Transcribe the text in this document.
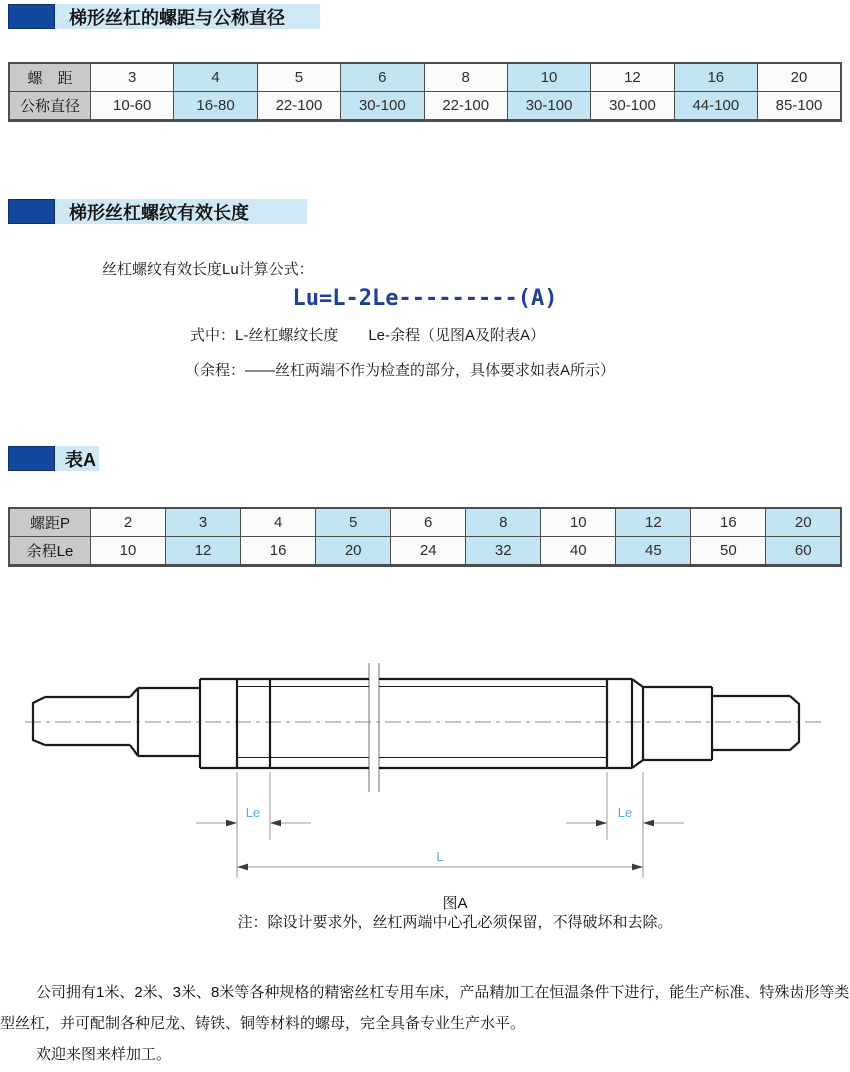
梯形丝杠的螺距与公称直径
螺　距	3	4	5	6	8	10	12	16	20
公称直径	10-60	16-80	22-100	30-100	22-100	30-100	30-100	44-100	85-100
梯形丝杠螺纹有效长度
丝杠螺纹有效长度Lu计算公式：
Lu=L-2Le---------(A)
式中：L-丝杠螺纹长度　　Le-余程（见图A及附表A）
（余程：——丝杠两端不作为检查的部分，具体要求如表A所示）
表A
螺距P	2	3	4	5	6	8	10	12	16	20
余程Le	10	12	16	20	24	32	40	45	50	60
Le	Le
L
图A
注：除设计要求外，丝杠两端中心孔必须保留，不得破坏和去除。

公司拥有1米、2米、3米、8米等各种规格的精密丝杠专用车床，产品精加工在恒温条件下进行，能生产标准、特殊齿形等类型丝杠，并可配制各种尼龙、铸铁、铜等材料的螺母，完全具备专业生产水平。

欢迎来图来样加工。
